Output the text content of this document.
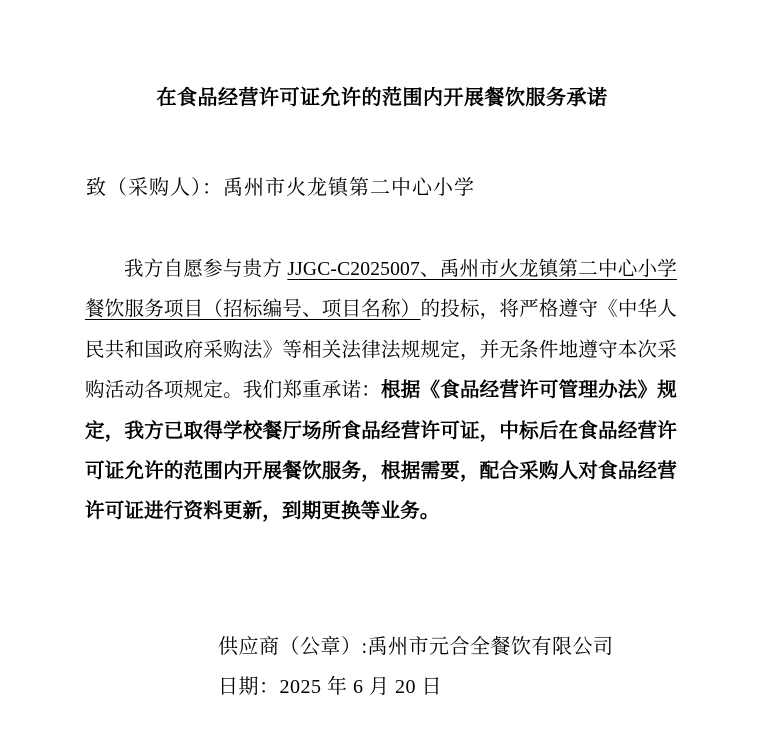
在食品经营许可证允许的范围内开展餐饮服务承诺
致（采购人）：禹州市火龙镇第二中心小学

我方自愿参与贵方 JJGC-C2025007、禹州市火龙镇第二中心小学餐饮服务项目（招标编号、项目名称）的投标，将严格遵守《中华人民共和国政府采购法》等相关法律法规规定，并无条件地遵守本次采购活动各项规定。我们郑重承诺：根据《食品经营许可管理办法》规定，我方已取得学校餐厅场所食品经营许可证，中标后在食品经营许可证允许的范围内开展餐饮服务，根据需要，配合采购人对食品经营许可证进行资料更新，到期更换等业务。

供应商（公章）:禹州市元合全餐饮有限公司
日期：2025 年 6 月 20 日
